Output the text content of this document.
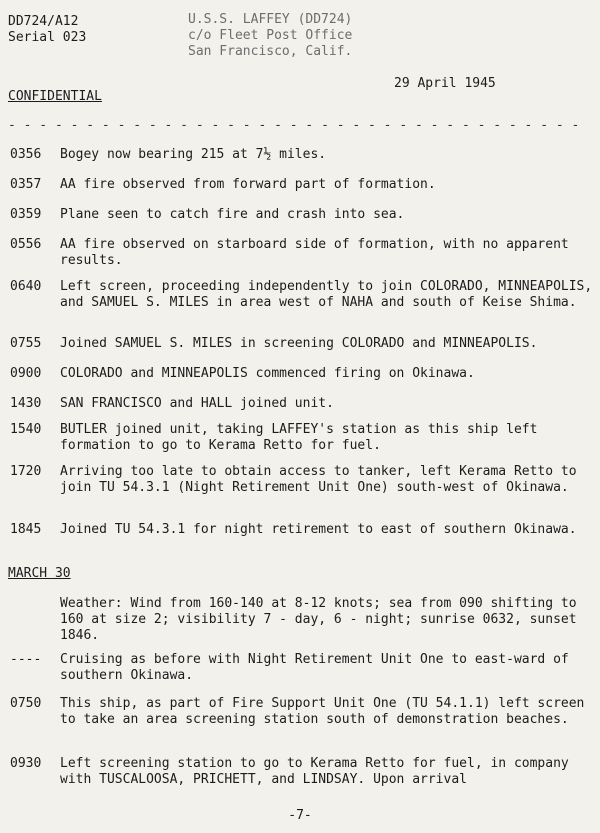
DD724/A12
Serial 023
U.S.S. LAFFEY (DD724)
c/o Fleet Post Office
San Francisco, Calif.
29 April 1945
CONFIDENTIAL
- - - - - - - - - - - - - - - - - - - - - - - - - - - - - - - - - - - - -
0356	Bogey now bearing 215 at 7½ miles.
0357	AA fire observed from forward part of formation.
0359	Plane seen to catch fire and crash into sea.
0556	AA fire observed on starboard side of formation, with no apparent results.
0640	Left screen, proceeding independently to join COLORADO, MINNEAPOLIS, and SAMUEL S. MILES in area west of NAHA and south of Keise Shima.
0755	Joined SAMUEL S. MILES in screening COLORADO and MINNEAPOLIS.
0900	COLORADO and MINNEAPOLIS commenced firing on Okinawa.
1430	SAN FRANCISCO and HALL joined unit.
1540	BUTLER joined unit, taking LAFFEY's station as this ship left formation to go to Kerama Retto for fuel.
1720	Arriving too late to obtain access to tanker, left Kerama Retto to join TU 54.3.1 (Night Retirement Unit One) south-west of Okinawa.
1845	Joined TU 54.3.1 for night retirement to east of southern Okinawa.
MARCH 30
Weather: Wind from 160-140 at 8-12 knots; sea from 090 shifting to 160 at size 2; visibility 7 - day, 6 - night; sunrise 0632, sunset 1846.
----	Cruising as before with Night Retirement Unit One to east-ward of southern Okinawa.
0750	This ship, as part of Fire Support Unit One (TU 54.1.1) left screen to take an area screening station south of demonstration beaches.
0930	Left screening station to go to Kerama Retto for fuel, in company with TUSCALOOSA, PRICHETT, and LINDSAY. Upon arrival
-7-
